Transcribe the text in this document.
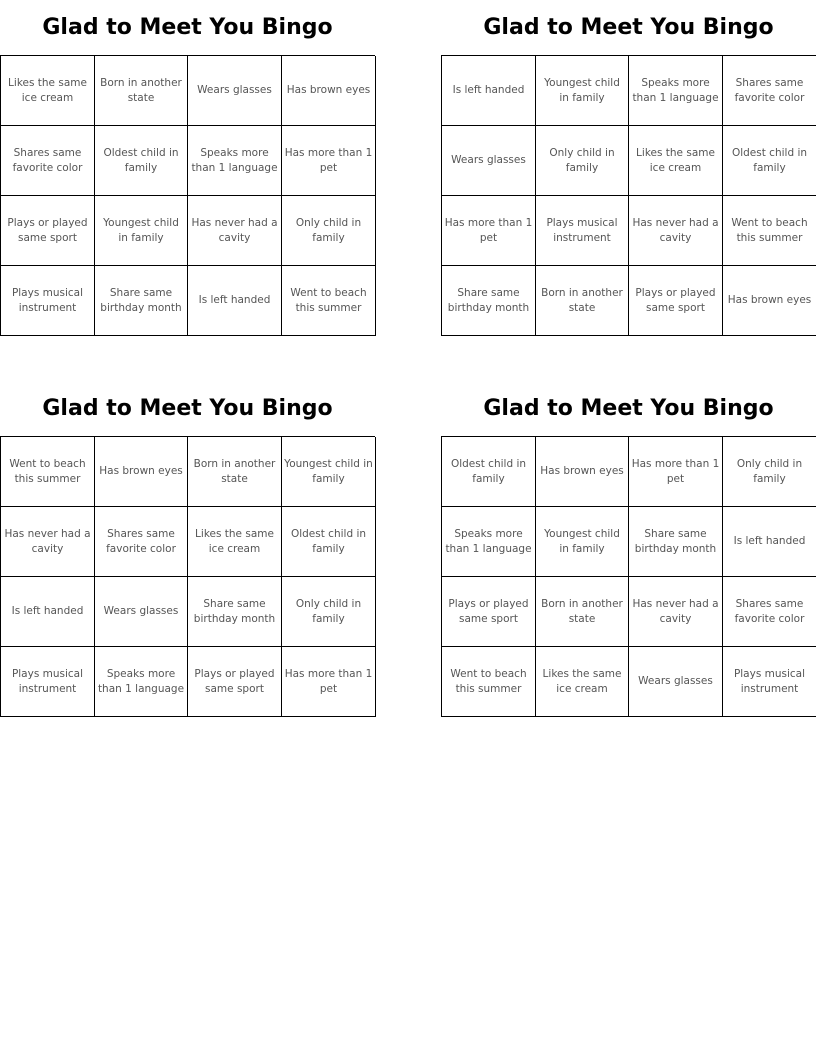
Glad to Meet You Bingo
Likes the same ice cream
Born in another state
Wears glasses	Has brown eyes
Shares same favorite color
Oldest child in family
Speaks more than 1 language
Has more than 1 pet
Plays or played same sport
Youngest child in family
Has never had a cavity
Only child in family
Plays musical instrument
Share same birthday month
Is left handed
Went to beach this summer
Glad to Meet You Bingo
Is left handed
Youngest child in family
Speaks more than 1 language
Shares same favorite color
Wears glasses
Only child in family
Likes the same ice cream
Oldest child in family
Has more than 1 pet
Plays musical instrument
Has never had a cavity
Went to beach this summer
Share same birthday month
Born in another state
Plays or played same sport
Has brown eyes
Glad to Meet You Bingo
Went to beach this summer
Has brown eyes
Born in another state
Youngest child in family
Has never had a cavity
Shares same favorite color
Likes the same ice cream
Oldest child in family
Is left handed	Wears glasses
Share same birthday month
Only child in family
Plays musical instrument
Speaks more than 1 language
Plays or played same sport
Has more than 1 pet
Glad to Meet You Bingo
Oldest child in family
Has brown eyes
Has more than 1 pet
Only child in family
Speaks more than 1 language
Youngest child in family
Share same birthday month
Is left handed
Plays or played same sport
Born in another state
Has never had a cavity
Shares same favorite color
Went to beach this summer
Likes the same ice cream
Wears glasses
Plays musical instrument
